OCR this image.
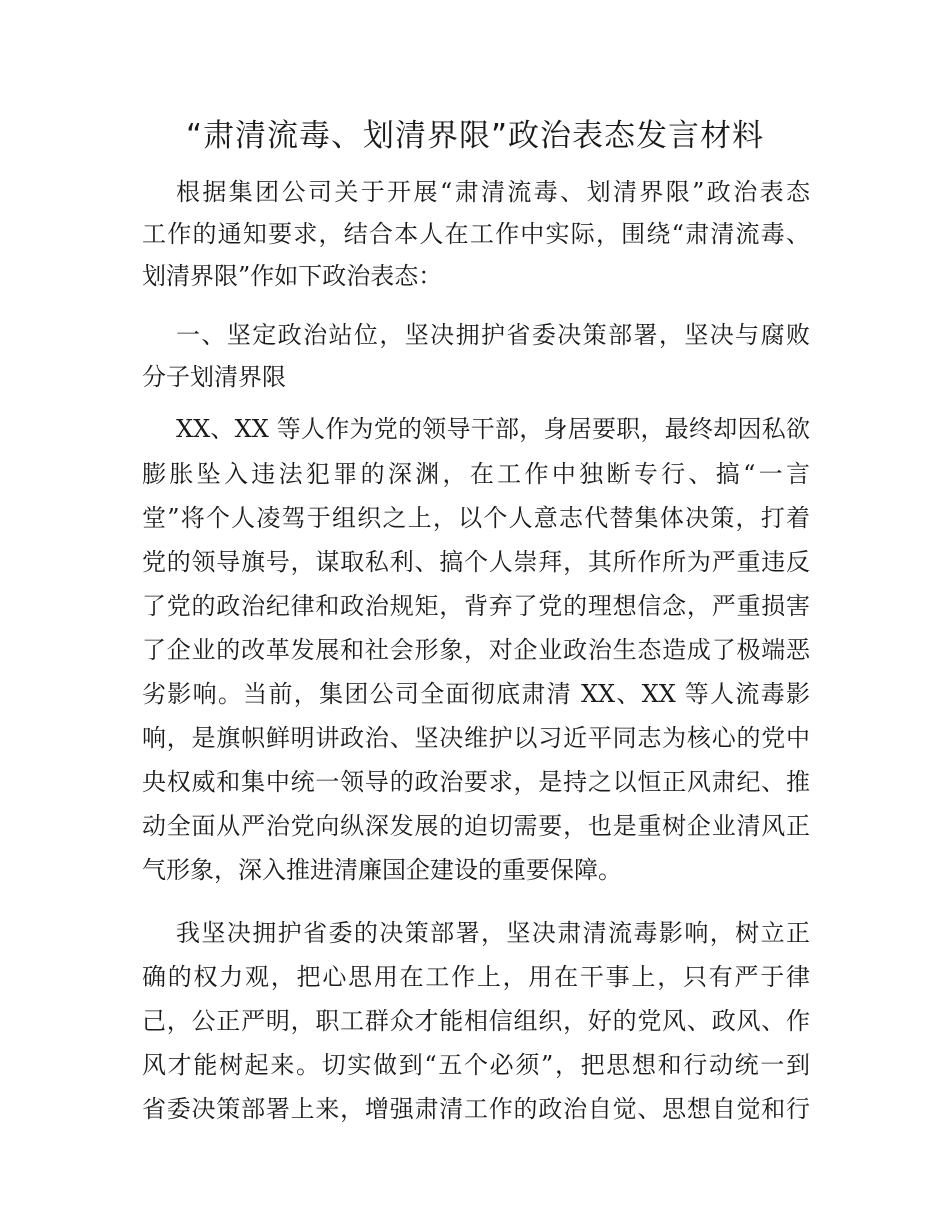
“肃清流毒、划清界限”政治表态发言材料
根据集团公司关于开展“肃清流毒、划清界限”政治表态
工作的通知要求，结合本人在工作中实际，围绕“肃清流毒、
划清界限”作如下政治表态：
一、坚定政治站位，坚决拥护省委决策部署，坚决与腐败
分子划清界限
XX、XX 等人作为党的领导干部，身居要职，最终却因私欲
膨胀坠入违法犯罪的深渊，在工作中独断专行、搞“一言
堂”将个人凌驾于组织之上，以个人意志代替集体决策，打着
党的领导旗号，谋取私利、搞个人崇拜，其所作所为严重违反
了党的政治纪律和政治规矩，背弃了党的理想信念，严重损害
了企业的改革发展和社会形象，对企业政治生态造成了极端恶
劣影响。当前，集团公司全面彻底肃清 XX、XX 等人流毒影
响，是旗帜鲜明讲政治、坚决维护以习近平同志为核心的党中
央权威和集中统一领导的政治要求，是持之以恒正风肃纪、推
动全面从严治党向纵深发展的迫切需要，也是重树企业清风正
气形象，深入推进清廉国企建设的重要保障。
我坚决拥护省委的决策部署，坚决肃清流毒影响，树立正
确的权力观，把心思用在工作上，用在干事上，只有严于律
己，公正严明，职工群众才能相信组织，好的党风、政风、作
风才能树起来。切实做到“五个必须”，把思想和行动统一到
省委决策部署上来，增强肃清工作的政治自觉、思想自觉和行
